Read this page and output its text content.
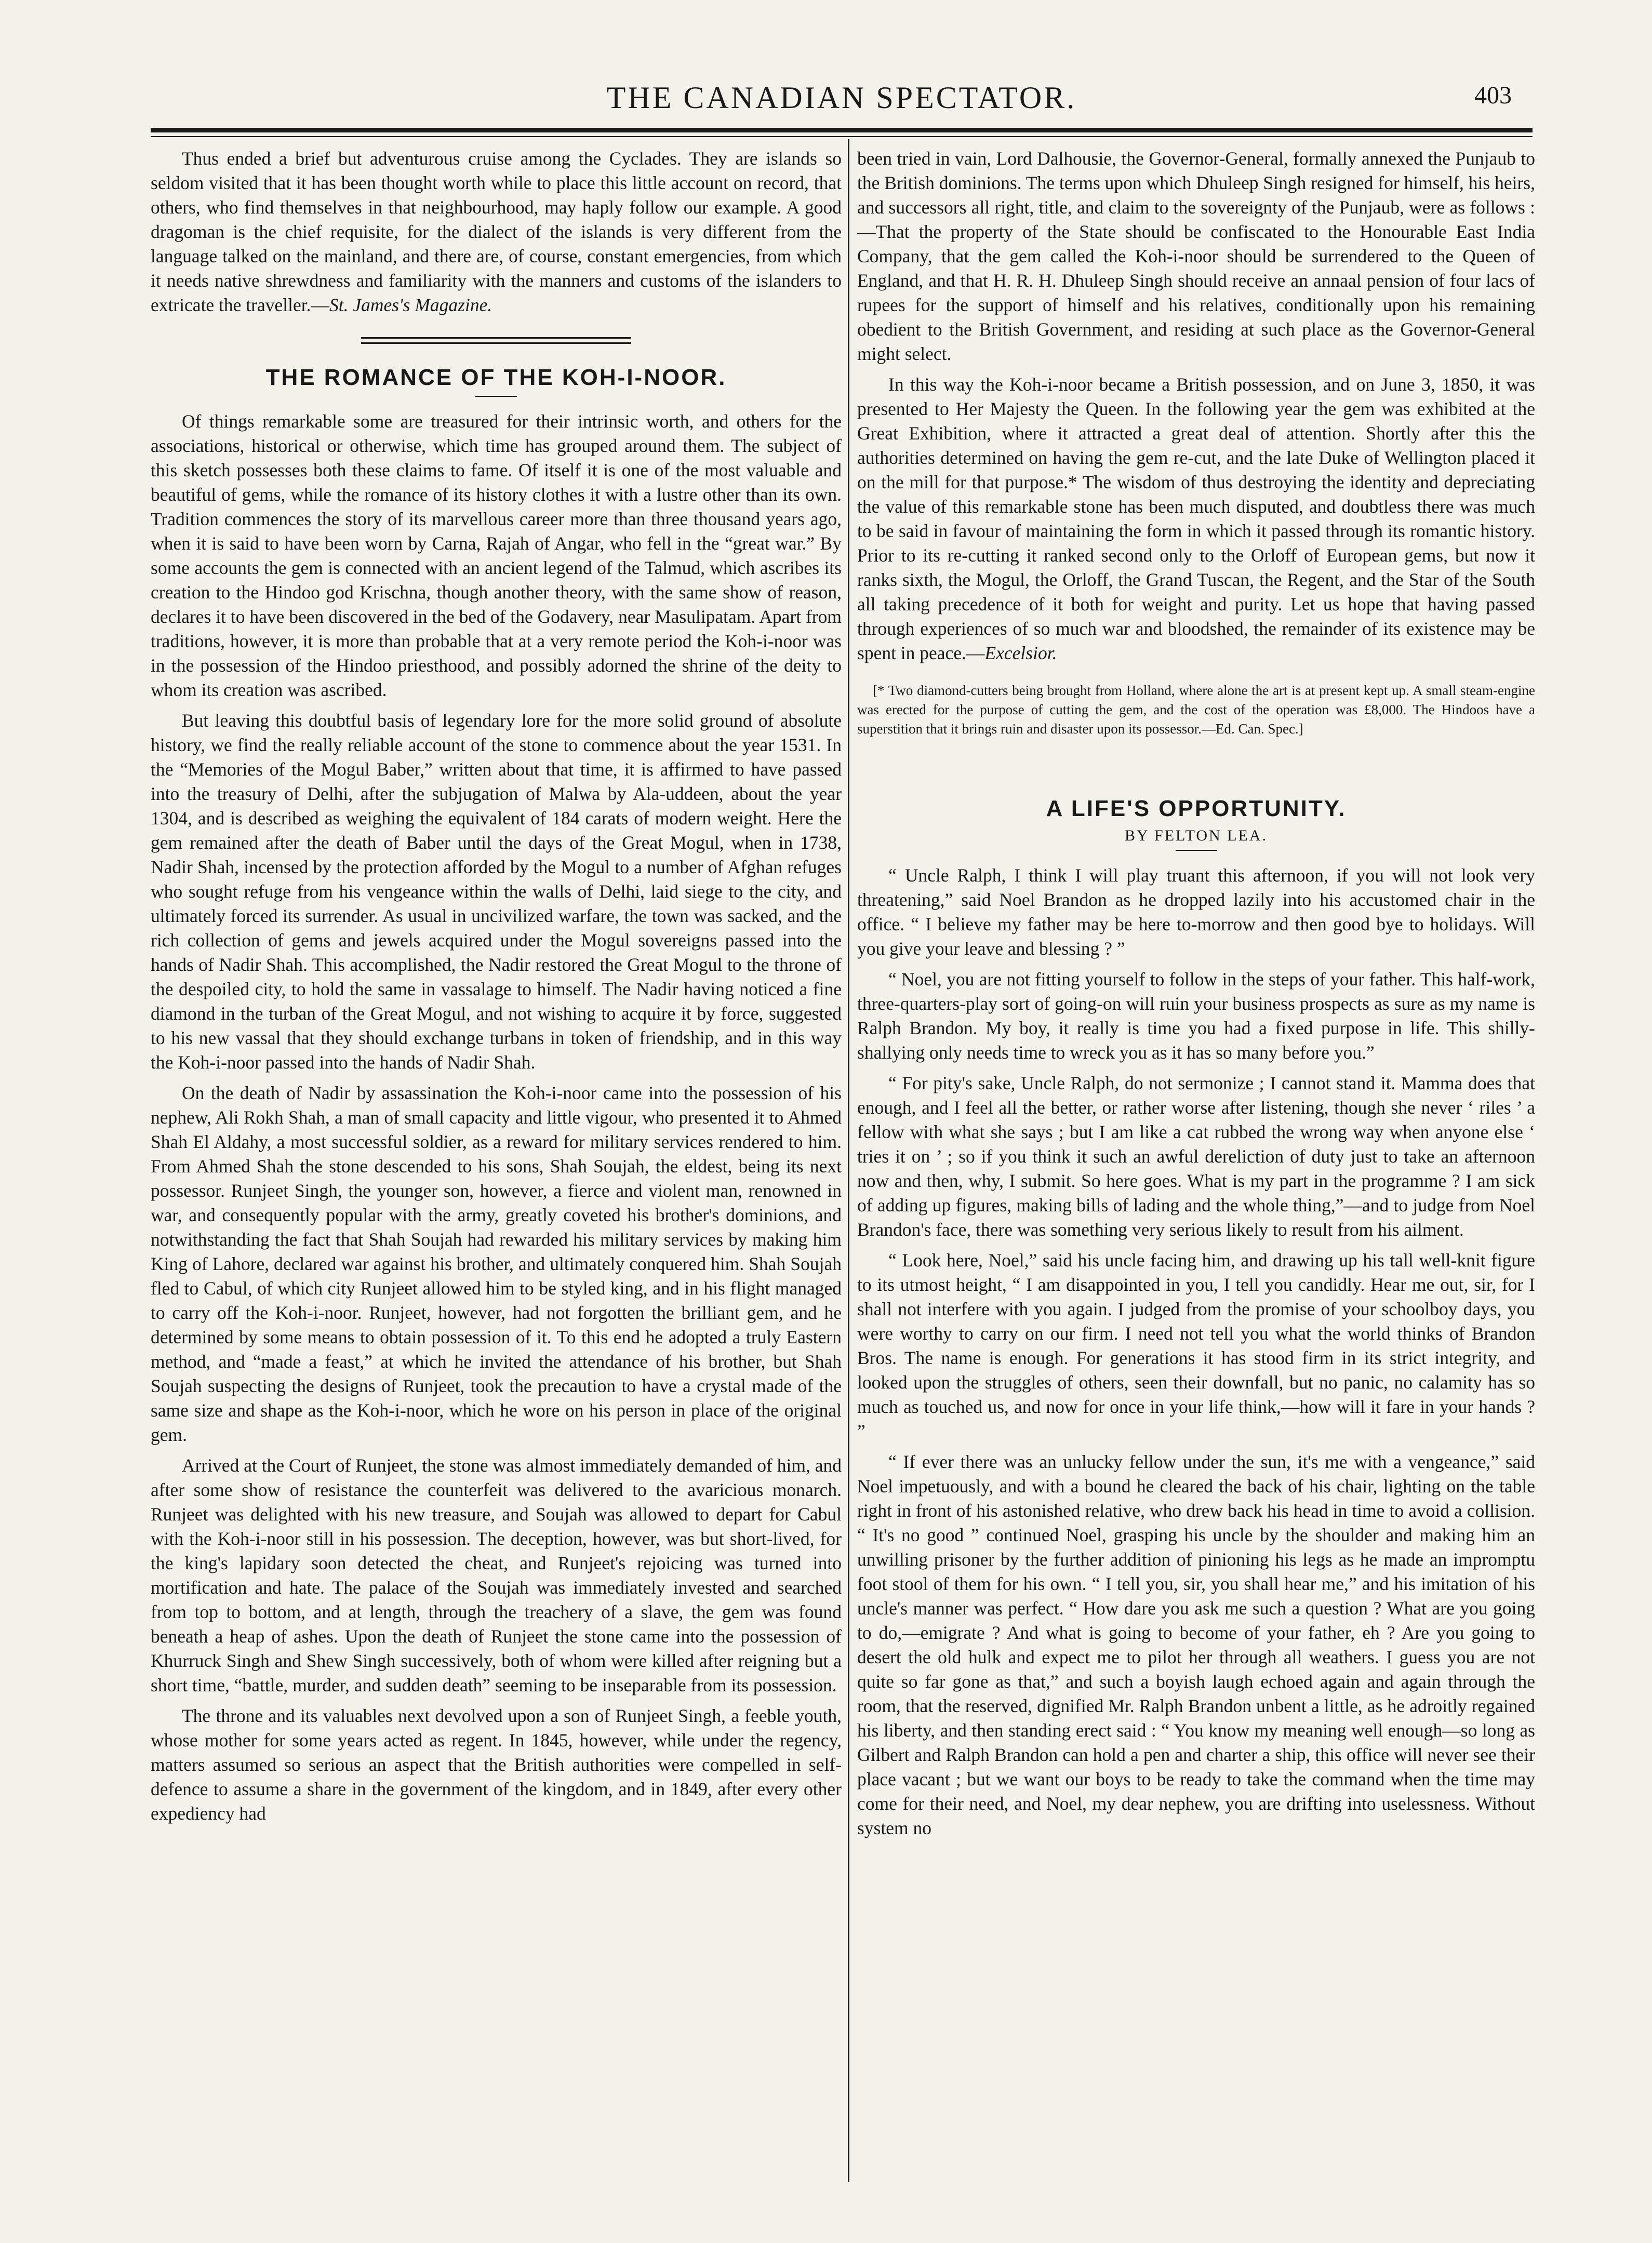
THE CANADIAN SPECTATOR.	403

Thus ended a brief but adventurous cruise among the Cyclades. They are islands so seldom visited that it has been thought worth while to place this little account on record, that others, who find themselves in that neighbourhood, may haply follow our example. A good dragoman is the chief requisite, for the dialect of the islands is very different from the language talked on the mainland, and there are, of course, constant emergencies, from which it needs native shrewdness and familiarity with the manners and customs of the islanders to extricate the traveller.—St. James's Magazine.

THE ROMANCE OF THE KOH-I-NOOR.

Of things remarkable some are treasured for their intrinsic worth, and others for the associations, historical or otherwise, which time has grouped around them. The subject of this sketch possesses both these claims to fame. Of itself it is one of the most valuable and beautiful of gems, while the romance of its history clothes it with a lustre other than its own. Tradition commences the story of its marvellous career more than three thousand years ago, when it is said to have been worn by Carna, Rajah of Angar, who fell in the “great war.” By some accounts the gem is connected with an ancient legend of the Talmud, which ascribes its creation to the Hindoo god Krischna, though another theory, with the same show of reason, declares it to have been discovered in the bed of the Godavery, near Masulipatam. Apart from traditions, however, it is more than probable that at a very remote period the Koh-i-noor was in the possession of the Hindoo priesthood, and possibly adorned the shrine of the deity to whom its creation was ascribed.

But leaving this doubtful basis of legendary lore for the more solid ground of absolute history, we find the really reliable account of the stone to commence about the year 1531. In the “Memories of the Mogul Baber,” written about that time, it is affirmed to have passed into the treasury of Delhi, after the subjugation of Malwa by Ala-uddeen, about the year 1304, and is described as weighing the equivalent of 184 carats of modern weight. Here the gem remained after the death of Baber until the days of the Great Mogul, when in 1738, Nadir Shah, incensed by the protection afforded by the Mogul to a number of Afghan refuges who sought refuge from his vengeance within the walls of Delhi, laid siege to the city, and ultimately forced its surrender. As usual in uncivilized warfare, the town was sacked, and the rich collection of gems and jewels acquired under the Mogul sovereigns passed into the hands of Nadir Shah. This accomplished, the Nadir restored the Great Mogul to the throne of the despoiled city, to hold the same in vassalage to himself. The Nadir having noticed a fine diamond in the turban of the Great Mogul, and not wishing to acquire it by force, suggested to his new vassal that they should exchange turbans in token of friendship, and in this way the Koh-i-noor passed into the hands of Nadir Shah.

On the death of Nadir by assassination the Koh-i-noor came into the possession of his nephew, Ali Rokh Shah, a man of small capacity and little vigour, who presented it to Ahmed Shah El Aldahy, a most successful soldier, as a reward for military services rendered to him. From Ahmed Shah the stone descended to his sons, Shah Soujah, the eldest, being its next possessor. Runjeet Singh, the younger son, however, a fierce and violent man, renowned in war, and consequently popular with the army, greatly coveted his brother's dominions, and notwithstanding the fact that Shah Soujah had rewarded his military services by making him King of Lahore, declared war against his brother, and ultimately conquered him. Shah Soujah fled to Cabul, of which city Runjeet allowed him to be styled king, and in his flight managed to carry off the Koh-i-noor. Runjeet, however, had not forgotten the brilliant gem, and he determined by some means to obtain possession of it. To this end he adopted a truly Eastern method, and “made a feast,” at which he invited the attendance of his brother, but Shah Soujah suspecting the designs of Runjeet, took the precaution to have a crystal made of the same size and shape as the Koh-i-noor, which he wore on his person in place of the original gem.

Arrived at the Court of Runjeet, the stone was almost immediately demanded of him, and after some show of resistance the counterfeit was delivered to the avaricious monarch. Runjeet was delighted with his new treasure, and Soujah was allowed to depart for Cabul with the Koh-i-noor still in his possession. The deception, however, was but short-lived, for the king's lapidary soon detected the cheat, and Runjeet's rejoicing was turned into mortification and hate. The palace of the Soujah was immediately invested and searched from top to bottom, and at length, through the treachery of a slave, the gem was found beneath a heap of ashes. Upon the death of Runjeet the stone came into the possession of Khurruck Singh and Shew Singh successively, both of whom were killed after reigning but a short time, “battle, murder, and sudden death” seeming to be inseparable from its possession.

The throne and its valuables next devolved upon a son of Runjeet Singh, a feeble youth, whose mother for some years acted as regent. In 1845, however, while under the regency, matters assumed so serious an aspect that the British authorities were compelled in self-defence to assume a share in the government of the kingdom, and in 1849, after every other expediency had

been tried in vain, Lord Dalhousie, the Governor-General, formally annexed the Punjaub to the British dominions. The terms upon which Dhuleep Singh resigned for himself, his heirs, and successors all right, title, and claim to the sovereignty of the Punjaub, were as follows :—That the property of the State should be confiscated to the Honourable East India Company, that the gem called the Koh-i-noor should be surrendered to the Queen of England, and that H. R. H. Dhuleep Singh should receive an annaal pension of four lacs of rupees for the support of himself and his relatives, conditionally upon his remaining obedient to the British Government, and residing at such place as the Governor-General might select.

In this way the Koh-i-noor became a British possession, and on June 3, 1850, it was presented to Her Majesty the Queen. In the following year the gem was exhibited at the Great Exhibition, where it attracted a great deal of attention. Shortly after this the authorities determined on having the gem re-cut, and the late Duke of Wellington placed it on the mill for that purpose.* The wisdom of thus destroying the identity and depreciating the value of this remarkable stone has been much disputed, and doubtless there was much to be said in favour of maintaining the form in which it passed through its romantic history. Prior to its re-cutting it ranked second only to the Orloff of European gems, but now it ranks sixth, the Mogul, the Orloff, the Grand Tuscan, the Regent, and the Star of the South all taking precedence of it both for weight and purity. Let us hope that having passed through experiences of so much war and bloodshed, the remainder of its existence may be spent in peace.—Excelsior.

[* Two diamond-cutters being brought from Holland, where alone the art is at present kept up. A small steam-engine was erected for the purpose of cutting the gem, and the cost of the operation was £8,000. The Hindoos have a superstition that it brings ruin and disaster upon its possessor.—Ed. Can. Spec.]
A LIFE'S OPPORTUNITY.
BY FELTON LEA.

“ Uncle Ralph, I think I will play truant this afternoon, if you will not look very threatening,” said Noel Brandon as he dropped lazily into his accustomed chair in the office. “ I believe my father may be here to-morrow and then good bye to holidays. Will you give your leave and blessing ? ”

“ Noel, you are not fitting yourself to follow in the steps of your father. This half-work, three-quarters-play sort of going-on will ruin your business prospects as sure as my name is Ralph Brandon. My boy, it really is time you had a fixed purpose in life. This shilly-shallying only needs time to wreck you as it has so many before you.”

“ For pity's sake, Uncle Ralph, do not sermonize ; I cannot stand it. Mamma does that enough, and I feel all the better, or rather worse after listening, though she never ‘ riles ’ a fellow with what she says ; but I am like a cat rubbed the wrong way when anyone else ‘ tries it on ’ ; so if you think it such an awful dereliction of duty just to take an afternoon now and then, why, I submit. So here goes. What is my part in the programme ? I am sick of adding up figures, making bills of lading and the whole thing,”—and to judge from Noel Brandon's face, there was something very serious likely to result from his ailment.

“ Look here, Noel,” said his uncle facing him, and drawing up his tall well-knit figure to its utmost height, “ I am disappointed in you, I tell you candidly. Hear me out, sir, for I shall not interfere with you again. I judged from the promise of your schoolboy days, you were worthy to carry on our firm. I need not tell you what the world thinks of Brandon Bros. The name is enough. For generations it has stood firm in its strict integrity, and looked upon the struggles of others, seen their downfall, but no panic, no calamity has so much as touched us, and now for once in your life think,—how will it fare in your hands ? ”

“ If ever there was an unlucky fellow under the sun, it's me with a vengeance,” said Noel impetuously, and with a bound he cleared the back of his chair, lighting on the table right in front of his astonished relative, who drew back his head in time to avoid a collision. “ It's no good ” continued Noel, grasping his uncle by the shoulder and making him an unwilling prisoner by the further addition of pinioning his legs as he made an impromptu foot stool of them for his own. “ I tell you, sir, you shall hear me,” and his imitation of his uncle's manner was perfect. “ How dare you ask me such a question ? What are you going to do,—emigrate ? And what is going to become of your father, eh ? Are you going to desert the old hulk and expect me to pilot her through all weathers. I guess you are not quite so far gone as that,” and such a boyish laugh echoed again and again through the room, that the reserved, dignified Mr. Ralph Brandon unbent a little, as he adroitly regained his liberty, and then standing erect said : “ You know my meaning well enough—so long as Gilbert and Ralph Brandon can hold a pen and charter a ship, this office will never see their place vacant ; but we want our boys to be ready to take the command when the time may come for their need, and Noel, my dear nephew, you are drifting into uselessness. Without system no
